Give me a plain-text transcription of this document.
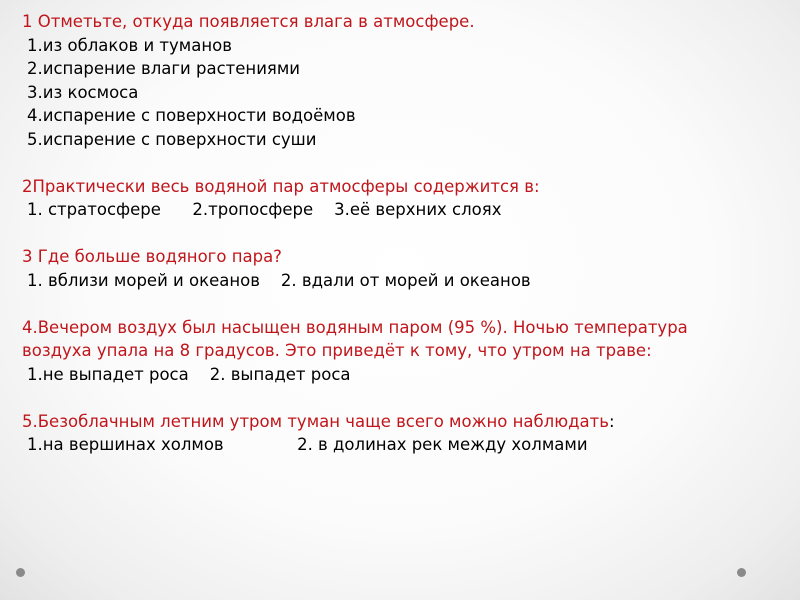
1 Отметьте, откуда появляется влага в атмосфере.
1.из облаков и туманов
2.испарение влаги растениями
3.из космоса
4.испарение с поверхности водоёмов
5.испарение с поверхности суши
2Практически весь водяной пар атмосферы содержится в:
1. стратосфере      2.тропосфере    3.её верхних слоях
3 Где больше водяного пара?
1. вблизи морей и океанов    2. вдали от морей и океанов
4.Вечером воздух был насыщен водяным паром (95 %). Ночью температура воздуха упала на 8 градусов. Это приведёт к тому, что утром на траве:
1.не выпадет роса    2. выпадет роса
5.Безоблачным летним утром туман чаще всего можно наблюдать:
1.на вершинах холмов              2. в долинах рек между холмами
